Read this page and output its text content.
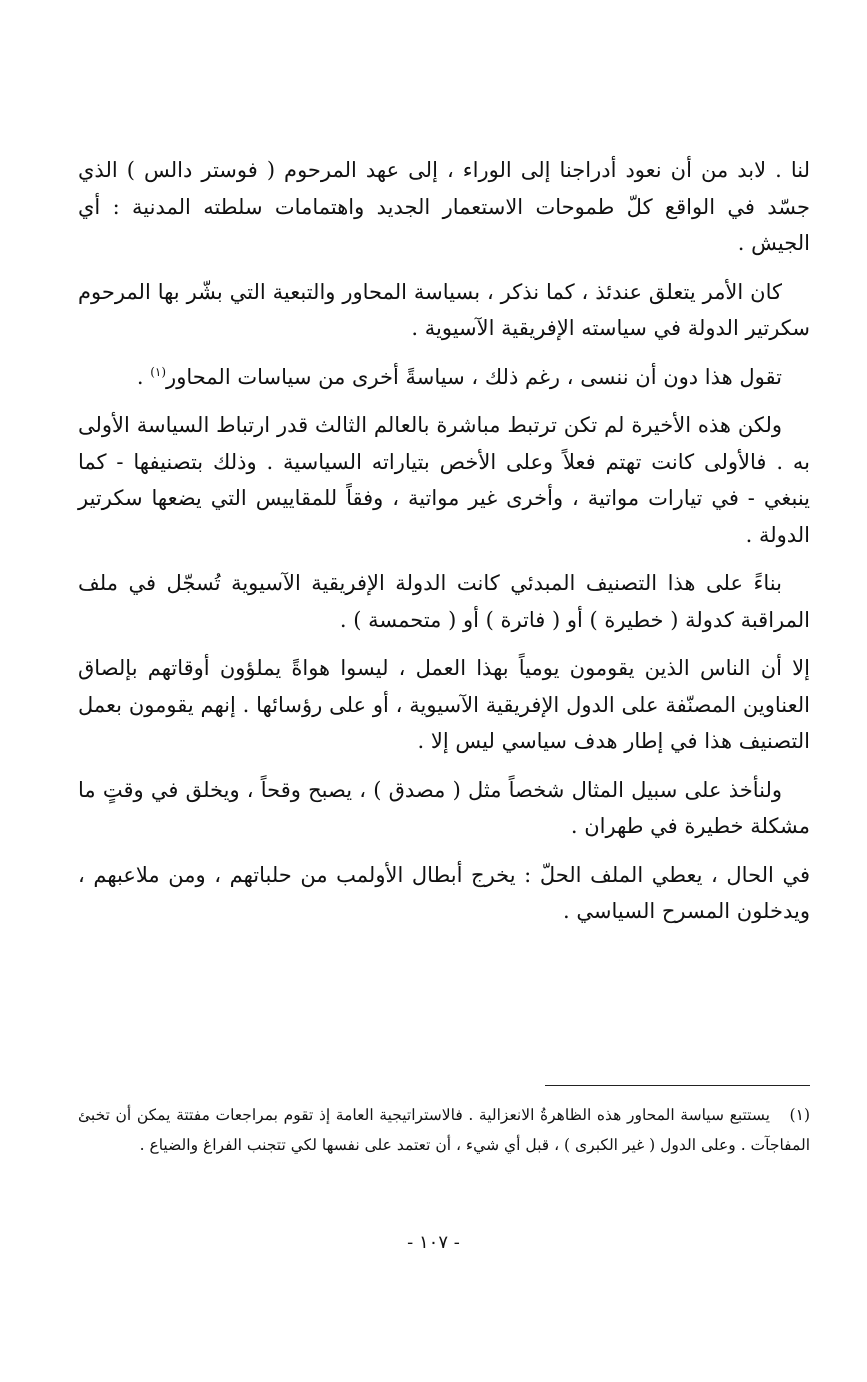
لنا . لابد من أن نعود أدراجنا إلى الوراء ، إلى عهد المرحوم ( فوستر دالس ) الذي جسّد في الواقع كلّ طموحات الاستعمار الجديد واهتمامات سلطته المدنية : أي الجيش .

كان الأمر يتعلق عندئذ ، كما نذكر ، بسياسة المحاور والتبعية التي بشّر بها المرحوم سكرتير الدولة في سياسته الإفريقية الآسيوية .

تقول هذا دون أن ننسى ، رغم ذلك ، سياسةً أخرى من سياسات المحاور$^{(١)}$ .

ولكن هذه الأخيرة لم تكن ترتبط مباشرة بالعالم الثالث قدر ارتباط السياسة الأولى به . فالأولى كانت تهتم فعلاً وعلى الأخص بتياراته السياسية . وذلك بتصنيفها - كما ينبغي - في تيارات مواتية ، وأخرى غير مواتية ، وفقاً للمقاييس التي يضعها سكرتير الدولة .

بناءً على هذا التصنيف المبدئي كانت الدولة الإفريقية الآسيوية تُسجّل في ملف المراقبة كدولة ( خطيرة ) أو ( فاترة ) أو ( متحمسة ) .

إلا أن الناس الذين يقومون يومياً بهذا العمل ، ليسوا هواةً يملؤون أوقاتهم بإلصاق العناوين المصنّفة على الدول الإفريقية الآسيوية ، أو على رؤسائها . إنهم يقومون بعمل التصنيف هذا في إطار هدف سياسي ليس إلا .

ولنأخذ على سبيل المثال شخصاً مثل ( مصدق ) ، يصبح وقحاً ، ويخلق في وقتٍ ما مشكلة خطيرة في طهران .

في الحال ، يعطي الملف الحلّ : يخرج أبطال الأولمب من حلباتهم ، ومن ملاعبهم ، ويدخلون المسرح السياسي .

(١)يستتبع سياسة المحاور هذه الظاهرةُ الانعزالية . فالاستراتيجية العامة إذ تقوم بمراجعات مفتتة يمكن أن تخبئ المفاجآت . وعلى الدول ( غير الكبرى ) ، قبل أي شيء ، أن تعتمد على نفسها لكي تتجنب الفراغ والضياع .
- ١٠٧ -
